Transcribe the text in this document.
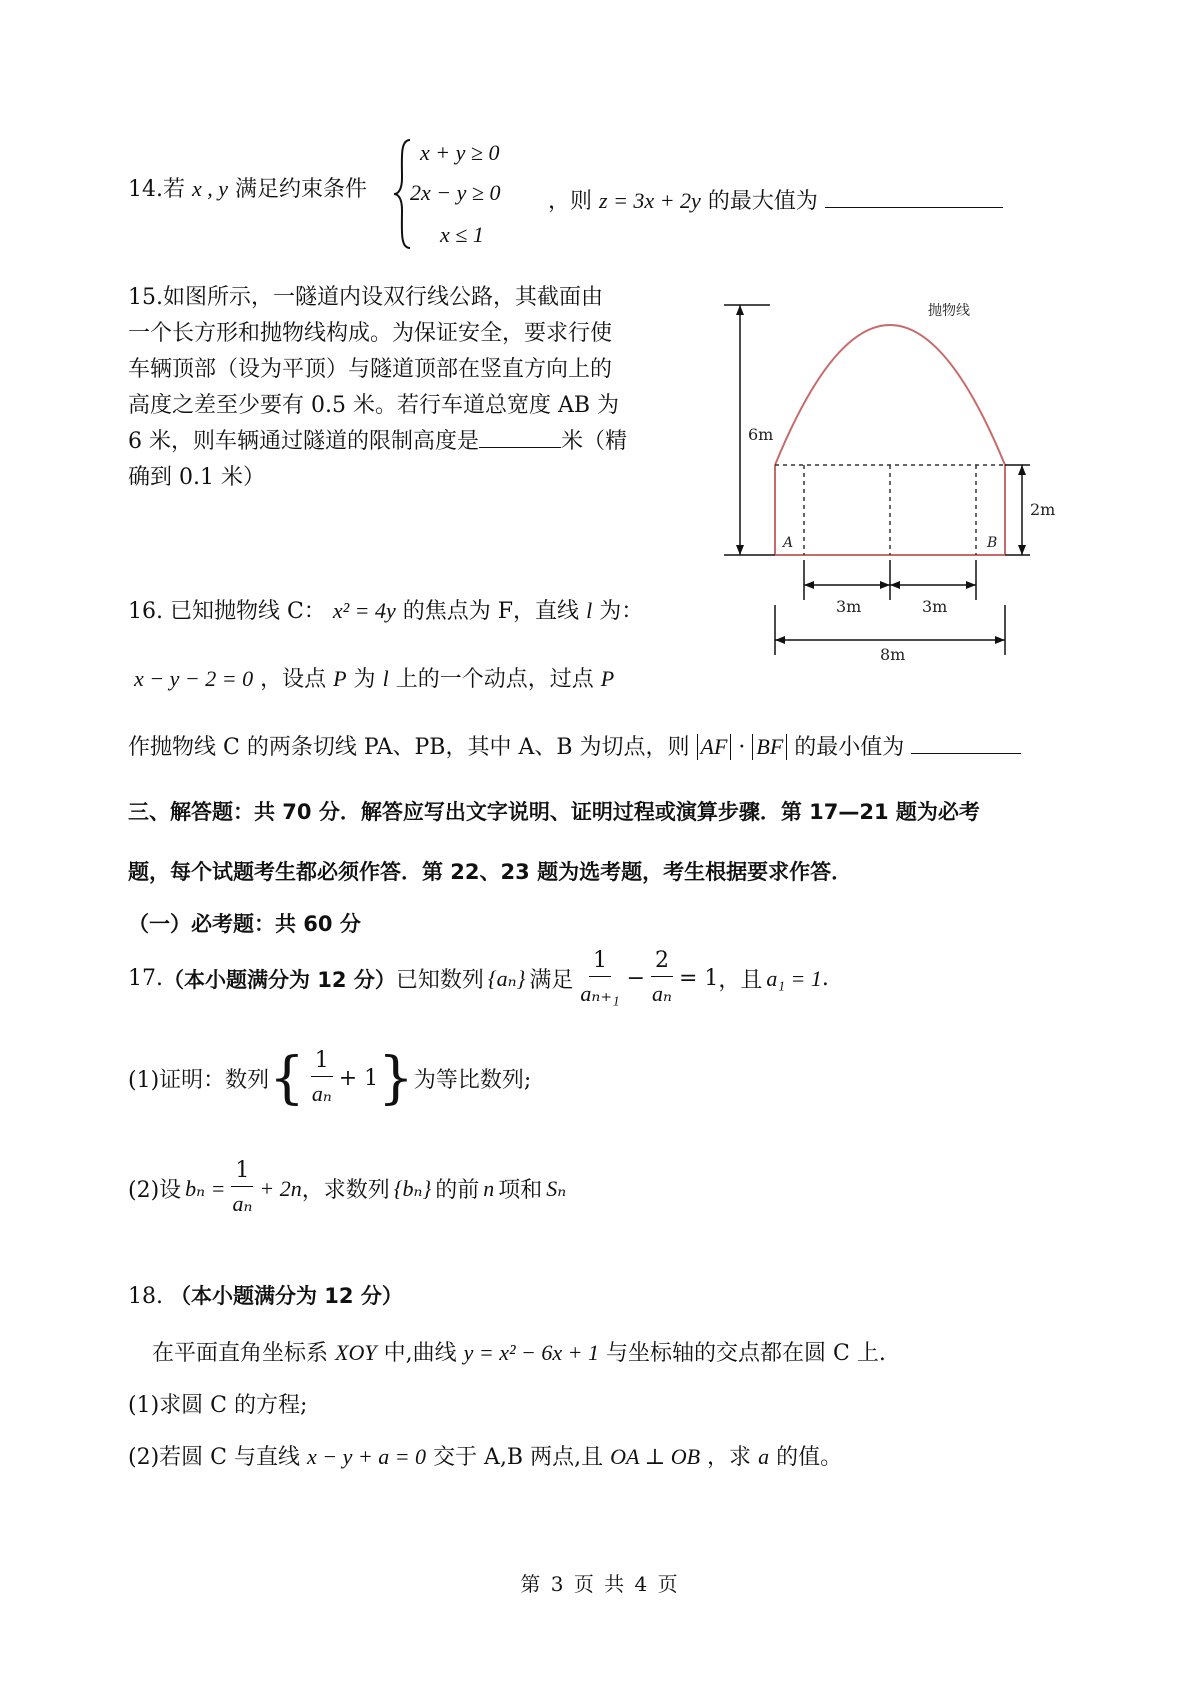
14.若 x , y 满足约束条件
x + y ≥ 0
2x − y ≥ 0
x ≤ 1
，则 z = 3x + 2y 的最大值为
15.如图所示，一隧道内设双行线公路，其截面由
一个长方形和抛物线构成。为保证安全，要求行使
车辆顶部（设为平顶）与隧道顶部在竖直方向上的
高度之差至少要有 0.5 米。若行车道总宽度 AB 为
6 米，则车辆通过隧道的限制高度是	米（精
确到 0.1 米）
抛物线
6m
2m
A	B
3m	3m
8m
16. 已知抛物线 C： x² = 4y 的焦点为 F，直线 l 为：
x − y − 2 = 0 ，设点 P 为 l 上的一个动点，过点 P
作抛物线 C 的两条切线 PA、PB，其中 A、B 为切点，则 AF · BF 的最小值为
三、解答题：共 70 分．解答应写出文字说明、证明过程或演算步骤．第 17—21 题为必考
题，每个试题考生都必须作答．第 22、23 题为选考题，考生根据要求作答．
（一）必考题：共 60 分
17. （本小题满分为 12 分） 已知数列 {aₙ} 满足 $\frac{1}{\text{aₙ₊₁}} - \frac{2}{\text{aₙ}} = 1$ ，且 a₁ = 1 .
(1)证明：数列 { $\frac{1}{\text{aₙ}} + 1$ } 为等比数列;
(2)设 $b_n = \frac{1}{\text{aₙ}} + 2n$ ，求数列 {bₙ} 的前 n 项和 Sₙ
18. （本小题满分为 12 分）
在平面直角坐标系 XOY 中,曲线 y = x² − 6x + 1 与坐标轴的交点都在圆 C 上.
(1)求圆 C 的方程;
(2)若圆 C 与直线 x − y + a = 0 交于 A,B 两点,且 OA ⊥ OB ，求 a 的值。
第 3 页 共 4 页
